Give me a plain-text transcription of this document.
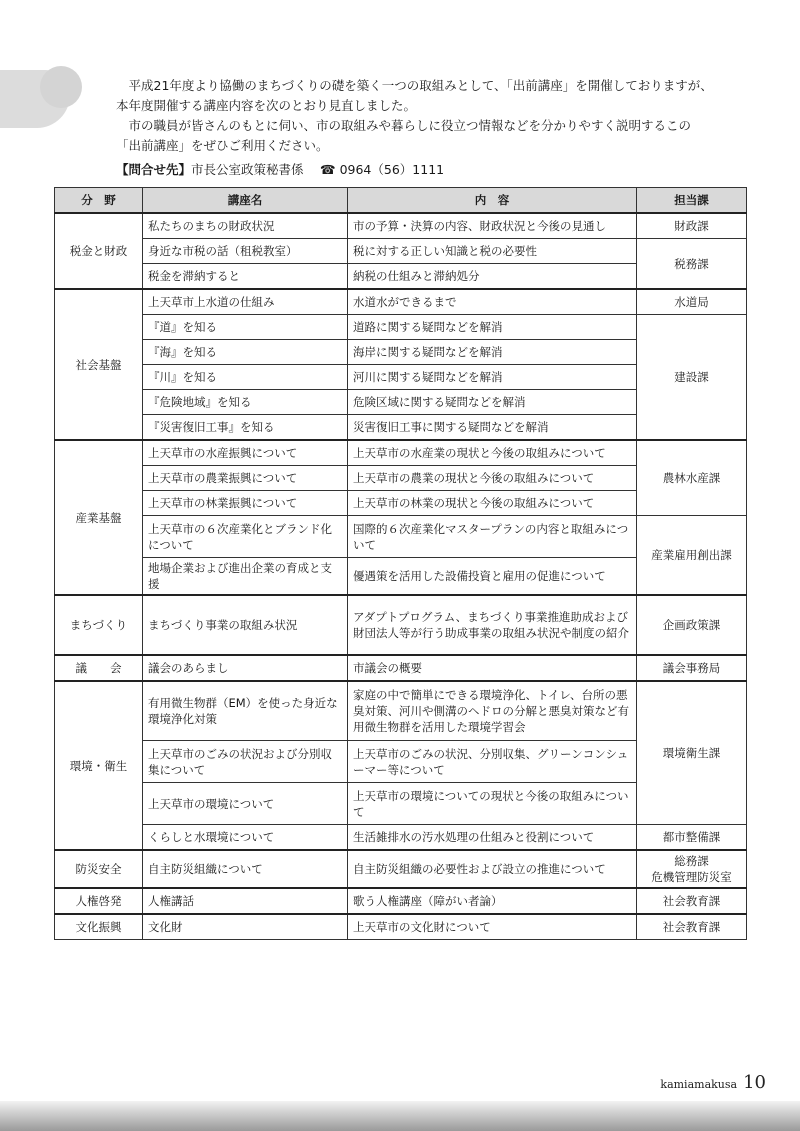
　平成21年度より協働のまちづくりの礎を築く一つの取組みとして、「出前講座」を開催しておりますが、本年度開催する講座内容を次のとおり見直しました。

　市の職員が皆さんのもとに伺い、市の取組みや暮らしに役立つ情報などを分かりやすく説明するこの「出前講座」をぜひご利用ください。

【問合せ先】市長公室政策秘書係　 ☎ 0964（56）1111

分　野	講座名	内　容	担当課
税金と財政	私たちのまちの財政状況	市の予算・決算の内容、財政状況と今後の見通し	財政課
	身近な市税の話（租税教室）	税に対する正しい知識と税の必要性	税務課
	税金を滞納すると	納税の仕組みと滞納処分	
社会基盤	上天草市上水道の仕組み	水道水ができるまで	水道局
	『道』を知る	道路に関する疑問などを解消	建設課
	『海』を知る	海岸に関する疑問などを解消	
	『川』を知る	河川に関する疑問などを解消	
	『危険地域』を知る	危険区域に関する疑問などを解消	
	『災害復旧工事』を知る	災害復旧工事に関する疑問などを解消	
産業基盤	上天草市の水産振興について	上天草市の水産業の現状と今後の取組みについて	農林水産課
	上天草市の農業振興について	上天草市の農業の現状と今後の取組みについて	
	上天草市の林業振興について	上天草市の林業の現状と今後の取組みについて	
	上天草市の６次産業化とブランド化について	国際的６次産業化マスタープランの内容と取組みについて	産業雇用創出課
	地場企業および進出企業の育成と支援	優遇策を活用した設備投資と雇用の促進について	
まちづくり	まちづくり事業の取組み状況	アダプトプログラム、まちづくり事業推進助成および財団法人等が行う助成事業の取組み状況や制度の紹介	企画政策課
議　　会	議会のあらまし	市議会の概要	議会事務局
環境・衛生	有用微生物群（EM）を使った身近な環境浄化対策	家庭の中で簡単にできる環境浄化、トイレ、台所の悪臭対策、河川や側溝のヘドロの分解と悪臭対策など有用微生物群を活用した環境学習会	環境衛生課
	上天草市のごみの状況および分別収集について	上天草市のごみの状況、分別収集、グリーンコンシューマー等について	
	上天草市の環境について	上天草市の環境についての現状と今後の取組みについて	
	くらしと水環境について	生活雑排水の汚水処理の仕組みと役割について	都市整備課
防災安全	自主防災組織について	自主防災組織の必要性および設立の推進について	総務課
危機管理防災室
人権啓発	人権講話	歌う人権講座（障がい者論）	社会教育課
文化振興	文化財	上天草市の文化財について	社会教育課
kamiamakusa 10
